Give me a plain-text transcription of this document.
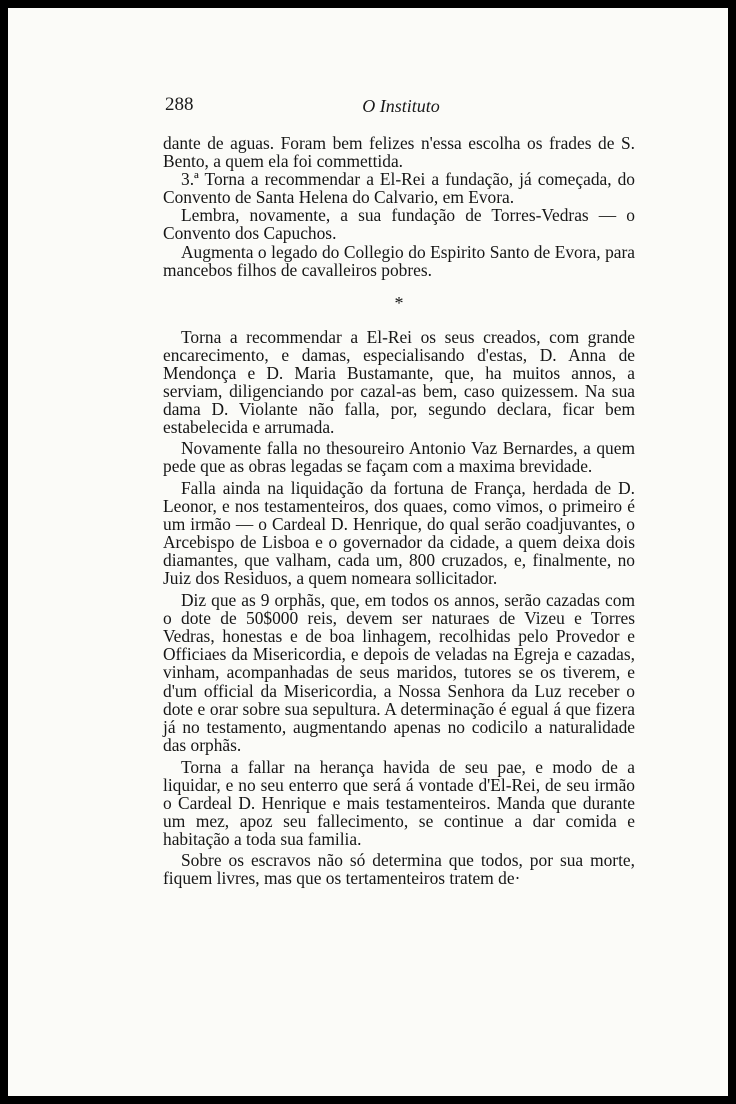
288	O Instituto

dante de aguas. Foram bem felizes n'essa escolha os frades de S. Bento, a quem ela foi commettida.

3.ª Torna a recommendar a El-Rei a fundação, já começada, do Convento de Santa Helena do Calvario, em Evora.

Lembra, novamente, a sua fundação de Torres-Vedras — o Convento dos Capuchos.

Augmenta o legado do Collegio do Espirito Santo de Evora, para mancebos filhos de cavalleiros pobres.

*

Torna a recommendar a El-Rei os seus creados, com grande encarecimento, e damas, especialisando d'estas, D. Anna de Mendonça e D. Maria Bustamante, que, ha muitos annos, a serviam, diligenciando por cazal-as bem, caso quizessem. Na sua dama D. Violante não falla, por, segundo declara, ficar bem estabelecida e arrumada.

Novamente falla no thesoureiro Antonio Vaz Bernardes, a quem pede que as obras legadas se façam com a maxima brevidade.

Falla ainda na liquidação da fortuna de França, herdada de D. Leonor, e nos testamenteiros, dos quaes, como vimos, o primeiro é um irmão — o Cardeal D. Henrique, do qual serão coadjuvantes, o Arcebispo de Lisboa e o governador da cidade, a quem deixa dois diamantes, que valham, cada um, 800 cruzados, e, finalmente, no Juiz dos Residuos, a quem nomeara sollicitador.

Diz que as 9 orphãs, que, em todos os annos, serão cazadas com o dote de 50$000 reis, devem ser naturaes de Vizeu e Torres Vedras, honestas e de boa linhagem, recolhidas pelo Provedor e Officiaes da Misericordia, e depois de veladas na Egreja e cazadas, vinham, acompanhadas de seus maridos, tutores se os tiverem, e d'um official da Misericordia, a Nossa Senhora da Luz receber o dote e orar sobre sua sepultura. A determinação é egual á que fizera já no testamento, augmentando apenas no codicilo a naturalidade das orphãs.

Torna a fallar na herança havida de seu pae, e modo de a liquidar, e no seu enterro que será á vontade d'El-Rei, de seu irmão o Cardeal D. Henrique e mais testamenteiros. Manda que durante um mez, apoz seu fallecimento, se continue a dar comida e habitação a toda sua familia.

Sobre os escravos não só determina que todos, por sua morte, fiquem livres, mas que os tertamenteiros tratem de·
